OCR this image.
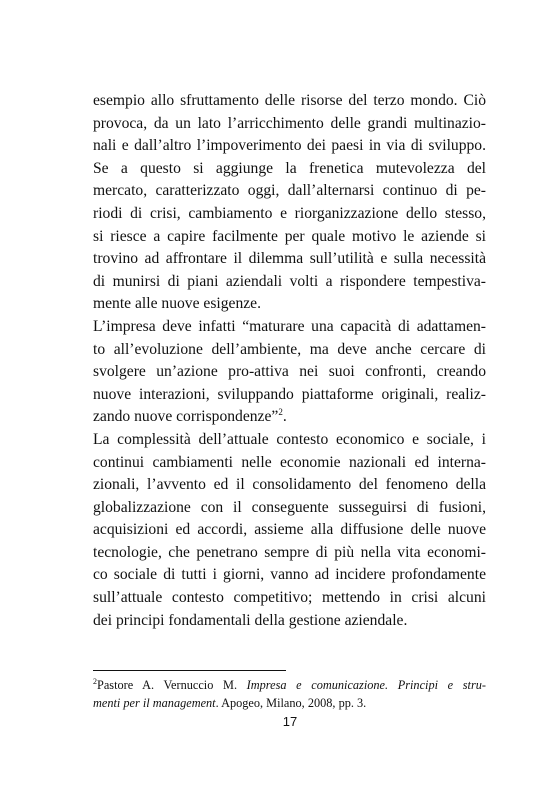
esempio allo sfruttamento delle risorse del terzo mondo. Ciò
provoca, da un lato l’arricchimento delle grandi multinazio-
nali e dall’altro l’impoverimento dei paesi in via di sviluppo.
Se a questo si aggiunge la frenetica mutevolezza del
mercato, caratterizzato oggi, dall’alternarsi continuo di pe-
riodi di crisi, cambiamento e riorganizzazione dello stesso,
si riesce a capire facilmente per quale motivo le aziende si
trovino ad affrontare il dilemma sull’utilità e sulla necessità
di munirsi di piani aziendali volti a rispondere tempestiva-
mente alle nuove esigenze.

L’impresa deve infatti “maturare una capacità di adattamen-
to all’evoluzione dell’ambiente, ma deve anche cercare di
svolgere un’azione pro-attiva nei suoi confronti, creando
nuove interazioni, sviluppando piattaforme originali, realiz-
zando nuove corrispondenze”$^2$.

La complessità dell’attuale contesto economico e sociale, i
continui cambiamenti nelle economie nazionali ed interna-
zionali, l’avvento ed il consolidamento del fenomeno della
globalizzazione con il conseguente susseguirsi di fusioni,
acquisizioni ed accordi, assieme alla diffusione delle nuove
tecnologie, che penetrano sempre di più nella vita economi-
co sociale di tutti i giorni, vanno ad incidere profondamente
sull’attuale contesto competitivo; mettendo in crisi alcuni
dei principi fondamentali della gestione aziendale.

$^2$Pastore A. Vernuccio M. Impresa e comunicazione. Principi e stru-
menti per il management. Apogeo, Milano, 2008, pp. 3.
17
